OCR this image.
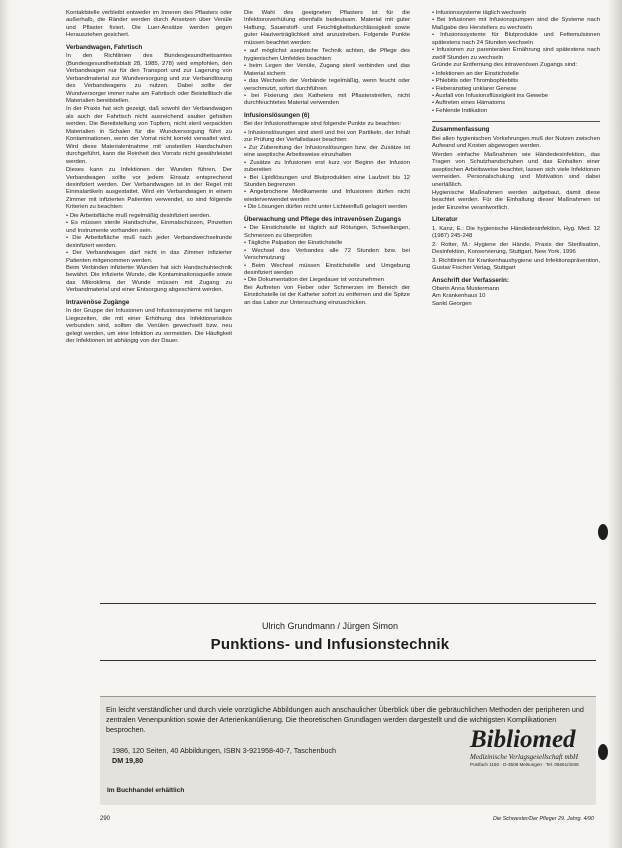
Kontaktstelle verbleibt entweder im Inneren des Pflasters oder außerhalb, die Ränder werden durch Ansetzen über Venüle und Pflaster fixiert. Die Luer-Ansätze werden gegen Herausziehen gesichert.

Verbandwagen, Fahrtisch

In den Richtlinien des Bundesgesundheitsamtes (Bundesgesundheitsblatt 28, 1985, 278) wird empfohlen, den Verbandwagen nur für den Transport und zur Lagerung von Verbandmaterial zur Wundversorgung und zur Verbandlösung des Verbandwagens zu nutzen. Dabei sollte der Wundversorger immer nahe am Fahrtisch oder Beistelltisch die Materialien bereitstellen.

In der Praxis hat sich gezeigt, daß sowohl der Verbandwagen als auch der Fahrtisch nicht ausreichend sauber gehalten werden. Die Bereitstellung von Tupfern, nicht steril verpackten Materialien in Schalen für die Wundversorgung führt zu Kontaminationen, wenn der Vorrat nicht korrekt verwaltet wird. Wird diese Materialentnahme mit unsterilen Handschuhen durchgeführt, kann die Reinheit des Vorrats nicht gewährleistet werden.

Dieses kann zu Infektionen der Wunden führen. Der Verbandwagen sollte vor jedem Einsatz entsprechend desinfiziert werden. Der Verbandwagen ist in der Regel mit Einmalartikeln ausgestattet. Wird ein Verbandwagen in einem Zimmer mit infizierten Patienten verwendet, so sind folgende Kriterien zu beachten:

• Die Arbeitsfläche muß regelmäßig desinfiziert werden.

• Es müssen sterile Handschuhe, Einmalschürzen, Pinzetten und Instrumente vorhanden sein.

• Die Arbeitsfläche muß nach jeder Verbandwechselrunde desinfiziert werden.

• Der Verbandwagen darf nicht in das Zimmer infizierter Patienten mitgenommen werden.

Beim Verbinden infizierter Wunden hat sich Handschuhtechnik bewährt. Die infizierte Wunde, die Kontaminationsquelle sowie das Mikroklima der Wunde müssen mit Zugang zu Verbandmaterial und einer Entsorgung abgeschirmt werden.

Intravenöse Zugänge

In der Gruppe der Infusionen und Infusionssysteme mit langen Liegezeiten, die mit einer Erhöhung des Infektionsrisikos verbunden sind, sollten die Venülen gewechselt bzw. neu gelegt werden, um eine Infektion zu vermeiden. Die Häufigkeit der Infektionen ist abhängig von der Dauer.

Die Wahl des geeigneten Pflasters ist für die Infektionsverhütung ebenfalls bedeutsam. Material mit guter Haftung, Sauerstoff- und Feuchtigkeitsdurchlässigkeit sowie guter Hautverträglichkeit sind anzustreben. Folgende Punkte müssen beachtet werden:

• auf möglichst aseptische Technik achten, die Pflege des hygienischen Umfeldes beachten

• beim Legen der Venüle, Zugang steril verbinden und das Material sichern

• das Wechseln der Verbände regelmäßig, wenn feucht oder verschmutzt, sofort durchführen

• bei Fixierung des Katheters mit Pflasterstreifen, nicht durchfeuchtetes Material verwenden

Infusionslösungen (6)

Bei der Infusionstherapie sind folgende Punkte zu beachten:

• Infusionslösungen sind steril und frei von Partikeln, der Inhalt zur Prüfung der Verfallsdauer beachten

• Zur Zubereitung der Infusionslösungen bzw. der Zusätze ist eine aseptische Arbeitsweise einzuhalten

• Zusätze zu Infusionen erst kurz vor Beginn der Infusion zubereiten

• Bei Lipidlösungen und Blutprodukten eine Laufzeit bis 12 Stunden begrenzen

• Angebrochene Medikamente und Infusionen dürfen nicht wiederverwendet werden

• Die Lösungen dürfen nicht unter Lichteinfluß gelagert werden

Überwachung und Pflege des intravenösen Zugangs

• Die Einstichstelle ist täglich auf Rötungen, Schwellungen, Schmerzen zu überprüfen

• Tägliche Palpation der Einstichstelle

• Wechsel des Verbandes alle 72 Stunden bzw. bei Verschmutzung

• Beim Wechsel müssen Einstichstelle und Umgebung desinfiziert werden

• Die Dokumentation der Liegedauer ist vorzunehmen

Bei Auftreten von Fieber oder Schmerzen im Bereich der Einstichstelle ist der Katheter sofort zu entfernen und die Spitze an das Labor zur Untersuchung einzuschicken.

• Infusionssysteme täglich wechseln

• Bei Infusionen mit Infusionspumpen sind die Systeme nach Maßgabe des Herstellers zu wechseln

• Infusionssysteme für Blutprodukte und Fettemulsionen spätestens nach 24 Stunden wechseln

• Infusionen zur parenteralen Ernährung sind spätestens nach zwölf Stunden zu wechseln

Gründe zur Entfernung des intravenösen Zugangs sind:

• Infektionen an der Einstichstelle

• Phlebitis oder Thrombophlebitis

• Fieberanstieg unklarer Genese

• Ausfall von Infusionsflüssigkeit ins Gewebe

• Auftreten eines Hämatoms

• Fehlende Indikation

Zusammenfassung

Bei allen hygienischen Vorkehrungen muß der Nutzen zwischen Aufwand und Kosten abgewogen werden.

Werden einfache Maßnahmen wie Händedesinfektion, das Tragen von Schutzhandschuhen und das Einhalten einer aseptischen Arbeitsweise beachtet, lassen sich viele Infektionen vermeiden. Personalschulung und Motivation sind dabei unerläßlich.

Hygienische Maßnahmen werden aufgebaut, damit diese beachtet werden. Für die Einhaltung dieser Maßnahmen ist jeder Einzelne verantwortlich.

Literatur

1. Kanz, E.: Die hygienische Händedesinfektion, Hyg. Med. 12 (1987) 245-248

2. Rotter, M.: Hygiene der Hände, Praxis der Sterilisation, Desinfektion, Konservierung, Stuttgart, New York, 1996

3. Richtlinien für Krankenhaushygiene und Infektionsprävention, Gustav Fischer Verlag, Stuttgart

Anschrift der Verfasserin:

Oberin Anna Mustermann

Am Krankenhaus 10

Sankt Georgen

Ulrich Grundmann / Jürgen Simon
Punktions- und Infusionstechnik
Ein leicht verständlicher und durch viele vorzügliche Abbildungen auch anschaulicher Überblick über die gebräuchlichen Methoden der peripheren und zentralen Venenpunktion sowie der Arterienkanülierung. Die theoretischen Grundlagen werden dargestellt und die wichtigsten Komplikationen besprochen.
1986, 120 Seiten, 40 Abbildungen, ISBN 3-921958-40-7, Taschenbuch
DM 19,80
Im Buchhandel erhältlich
Bibliomed
Medizinische Verlagsgesellschaft mbH
Postfach 1150 · D-3508 Melsungen · Tel. 05661/4048
290	Die Schwester/Der Pfleger 29. Jahrg. 4/90
